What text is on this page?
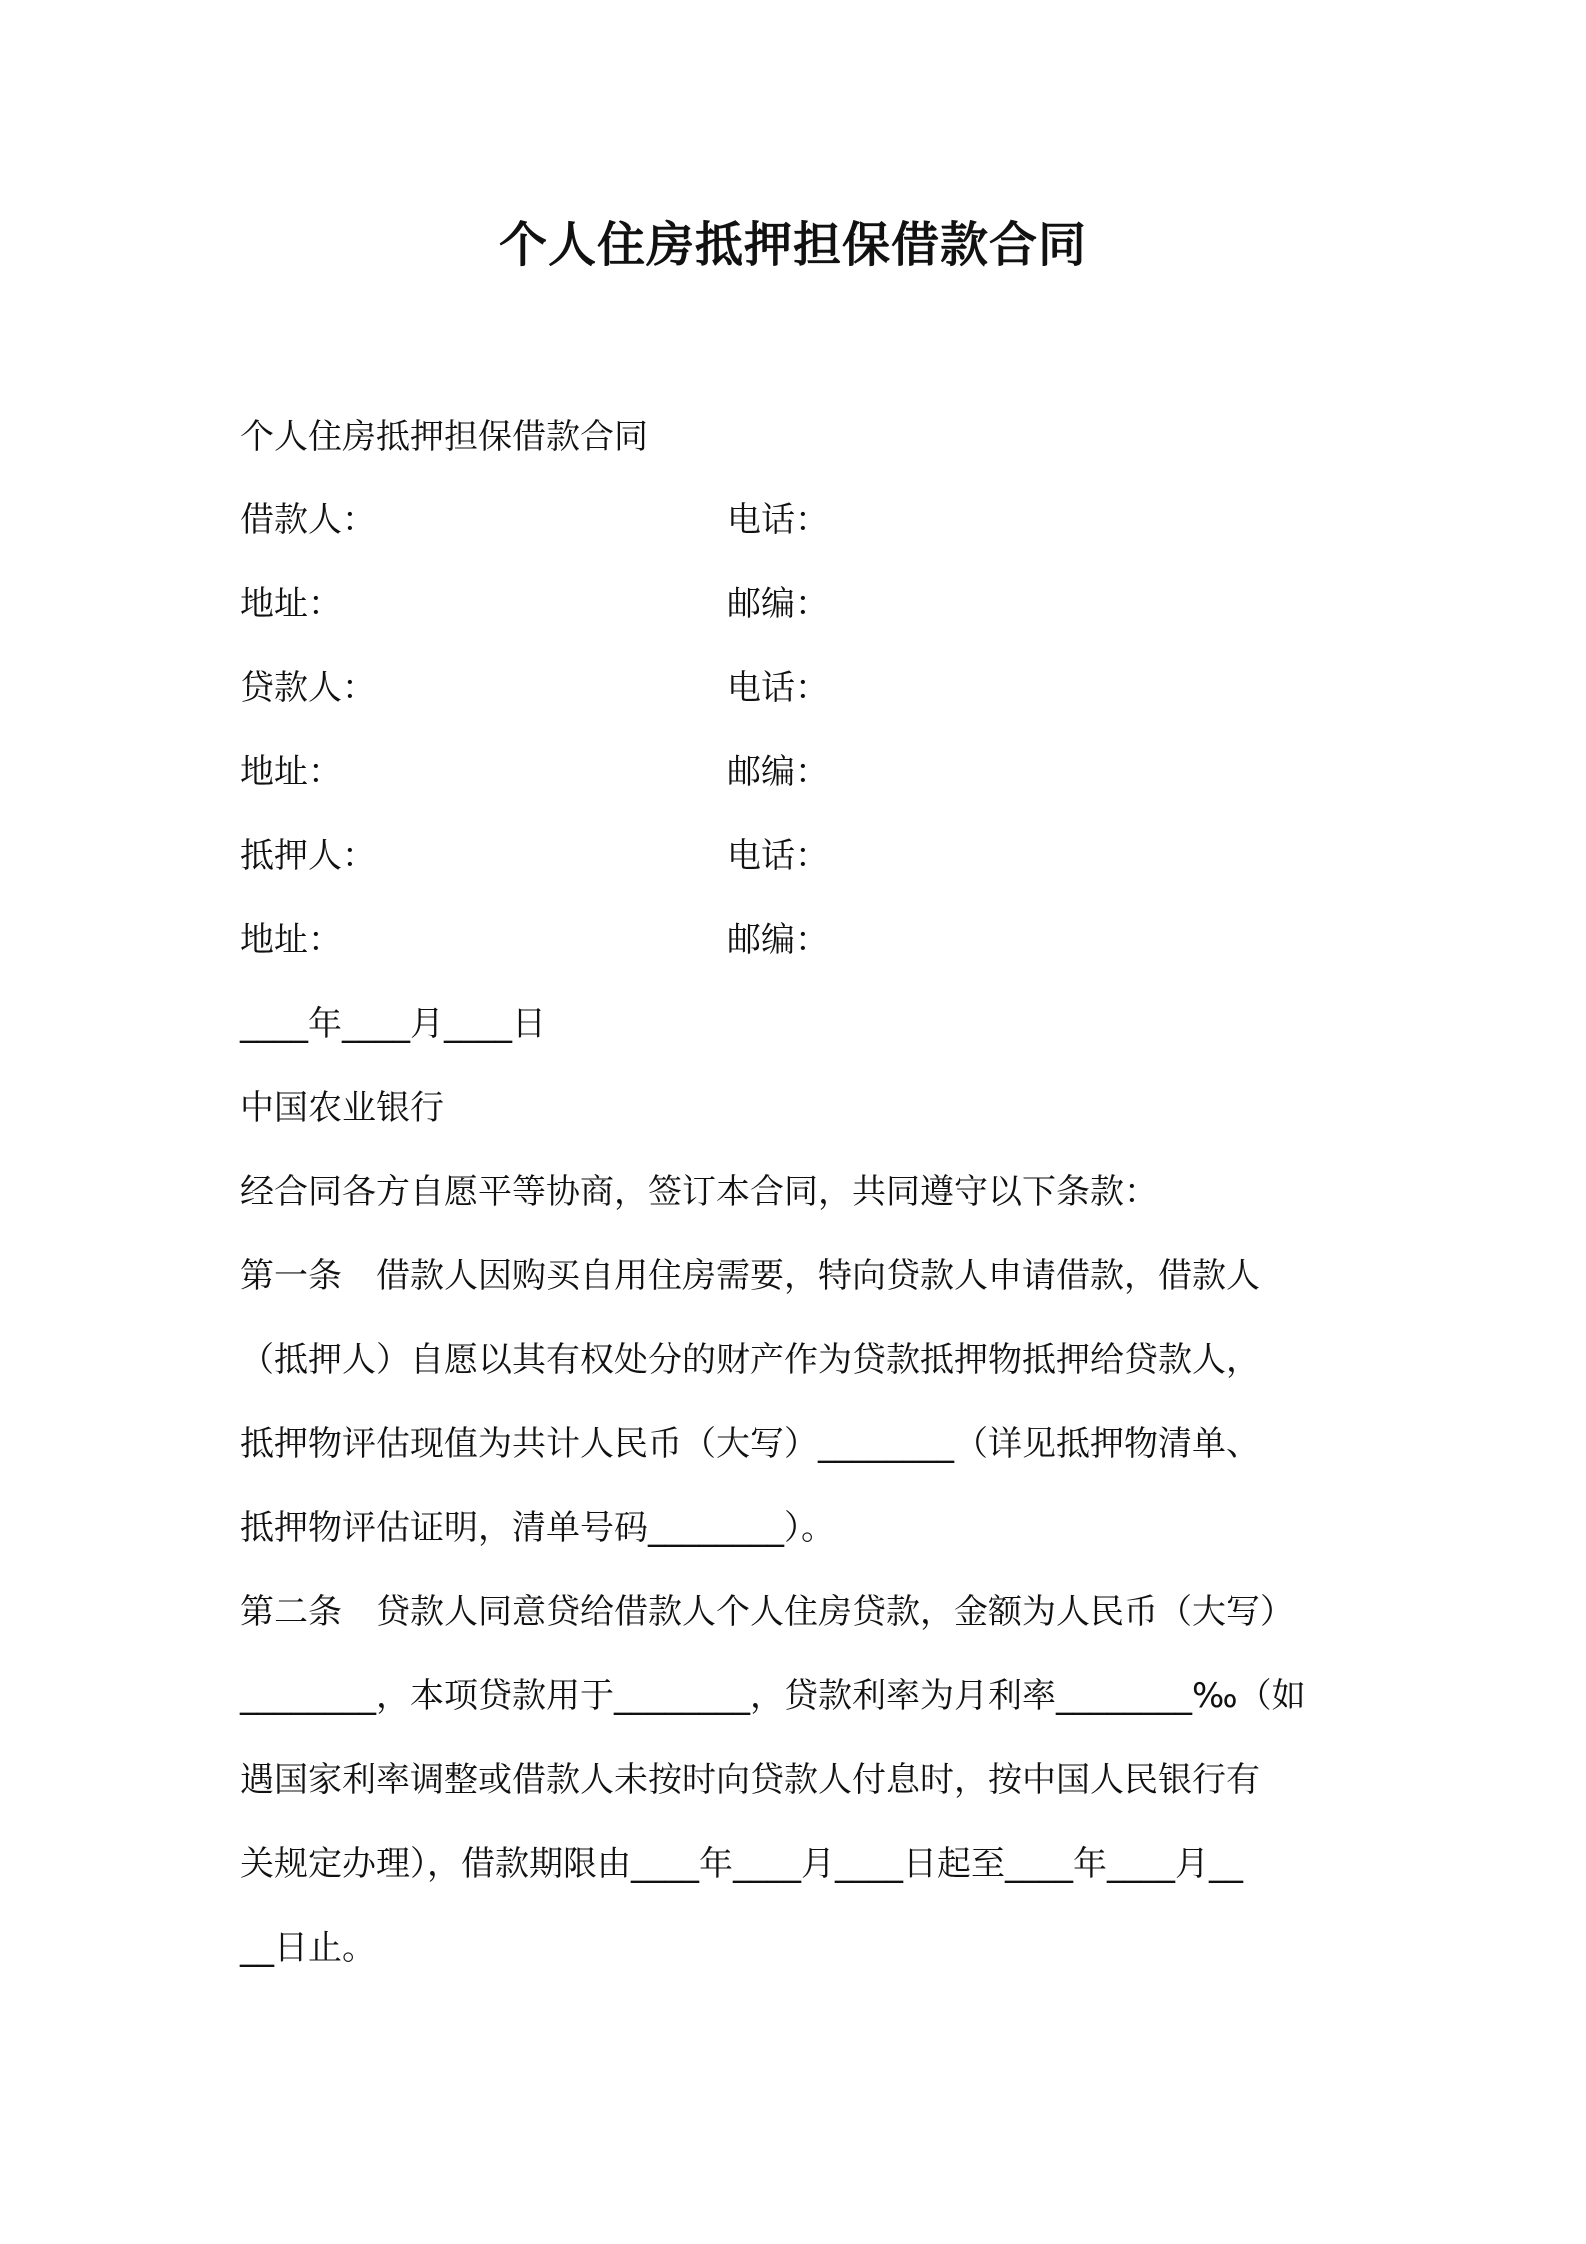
个人住房抵押担保借款合同
个人住房抵押担保借款合同
借款人：	电话：
地址：	邮编：
贷款人：	电话：
地址：	邮编：
抵押人：	电话：
地址：	邮编：
____年____月____日
中国农业银行
经合同各方自愿平等协商，签订本合同，共同遵守以下条款：
第一条　借款人因购买自用住房需要，特向贷款人申请借款，借款人
（抵押人）自愿以其有权处分的财产作为贷款抵押物抵押给贷款人，
抵押物评估现值为共计人民币（大写）________（详见抵押物清单、
抵押物评估证明，清单号码________）。
第二条　贷款人同意贷给借款人个人住房贷款，金额为人民币（大写）
________，本项贷款用于________，贷款利率为月利率________‰（如
遇国家利率调整或借款人未按时向贷款人付息时，按中国人民银行有
关规定办理），借款期限由____年____月____日起至____年____月__
__日止。
